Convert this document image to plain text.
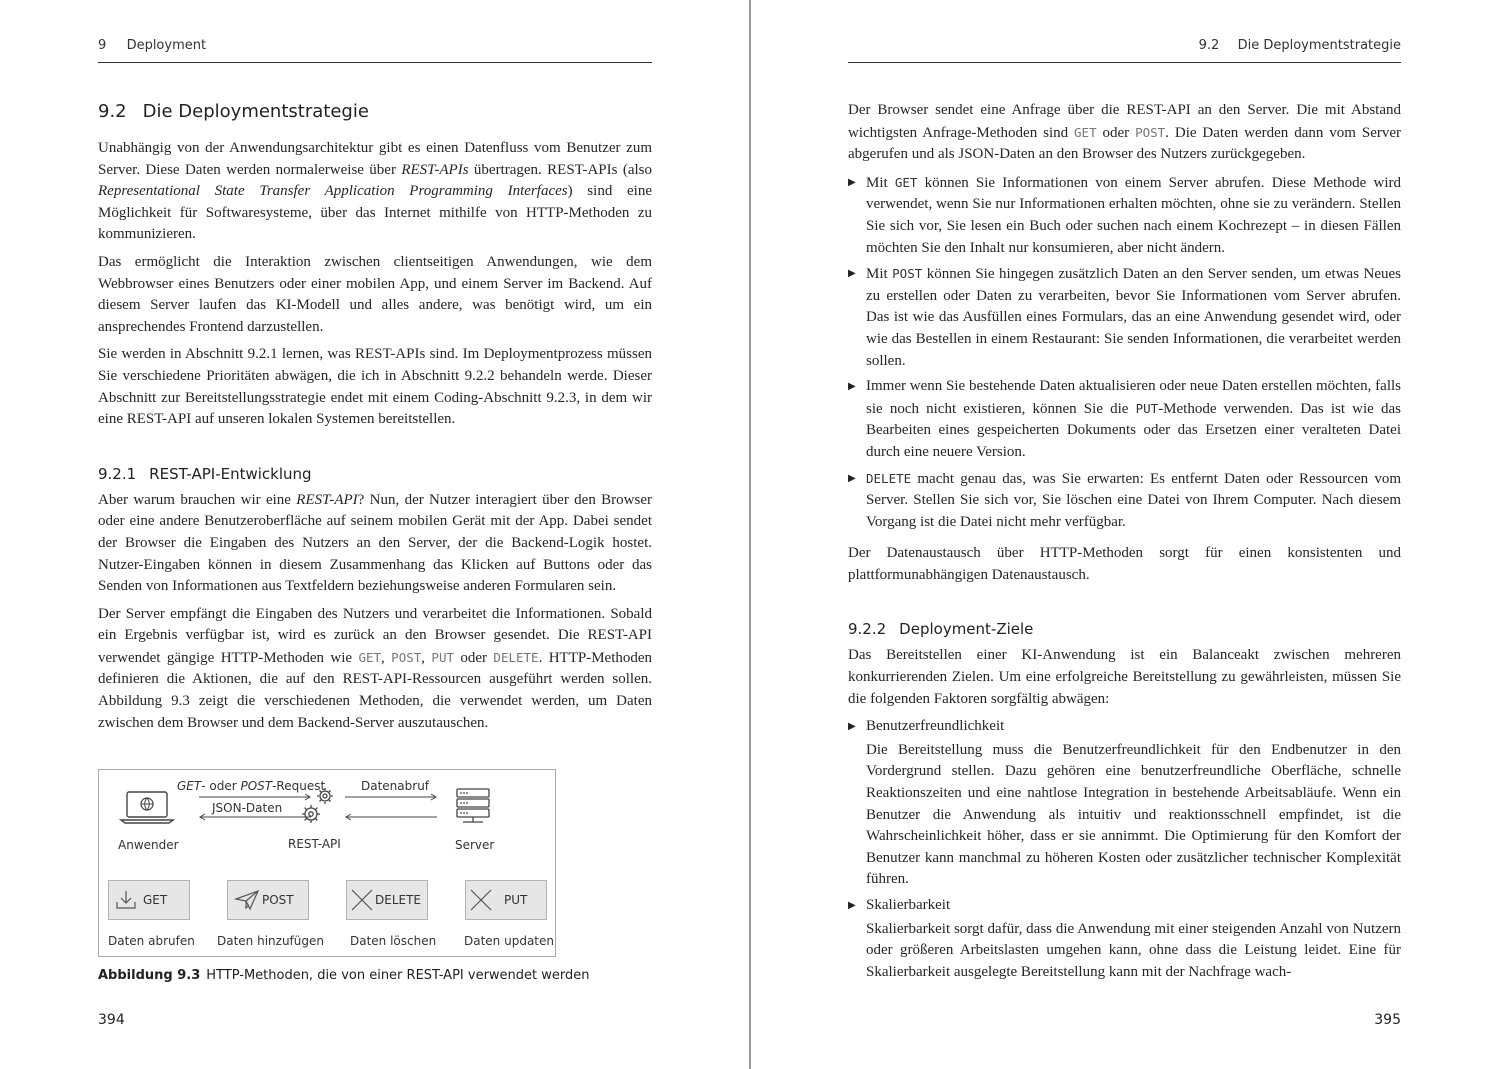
9 Deployment
9.2 Die Deploymentstrategie

Unabhängig von der Anwendungsarchitektur gibt es einen Datenfluss vom Benutzer zum Server. Diese Daten werden normalerweise über REST-APIs übertragen. REST-APIs (also Representational State Transfer Application Programming Interfaces) sind eine Möglichkeit für Softwaresysteme, über das Internet mithilfe von HTTP-Methoden zu kommunizieren.

Das ermöglicht die Interaktion zwischen clientseitigen Anwendungen, wie dem Webbrowser eines Benutzers oder einer mobilen App, und einem Server im Backend. Auf diesem Server laufen das KI-Modell und alles andere, was benötigt wird, um ein ansprechendes Frontend darzustellen.

Sie werden in Abschnitt 9.2.1 lernen, was REST-APIs sind. Im Deploymentprozess müssen Sie verschiedene Prioritäten abwägen, die ich in Abschnitt 9.2.2 behandeln werde. Dieser Abschnitt zur Bereitstellungsstrategie endet mit einem Coding-Abschnitt 9.2.3, in dem wir eine REST-API auf unseren lokalen Systemen bereitstellen.

9.2.1 REST-API-Entwicklung

Aber warum brauchen wir eine REST-API? Nun, der Nutzer interagiert über den Browser oder eine andere Benutzeroberfläche auf seinem mobilen Gerät mit der App. Dabei sendet der Browser die Eingaben des Nutzers an den Server, der die Backend-Logik hostet. Nutzer-Eingaben können in diesem Zusammenhang das Klicken auf Buttons oder das Senden von Informationen aus Textfeldern beziehungsweise anderen Formularen sein.

Der Server empfängt die Eingaben des Nutzers und verarbeitet die Informationen. Sobald ein Ergebnis verfügbar ist, wird es zurück an den Browser gesendet. Die REST-API verwendet gängige HTTP-Methoden wie GET, POST, PUT oder DELETE. HTTP-Methoden definieren die Aktionen, die auf den REST-API-Ressourcen ausgeführt werden sollen. Abbildung 9.3 zeigt die verschiedenen Methoden, die verwendet werden, um Daten zwischen dem Browser und dem Backend-Server auszutauschen.

Anwender
GET- oder POST-Request
JSON-Daten
REST-API
Datenabruf
Server
GET	POST	DELETE	PUT
Daten abrufen Daten hinzufügen Daten löschen Daten updaten
Abbildung 9.3 HTTP-Methoden, die von einer REST-API verwendet werden
394
9.2 Die Deploymentstrategie

Der Browser sendet eine Anfrage über die REST-API an den Server. Die mit Abstand wichtigsten Anfrage-Methoden sind GET oder POST. Die Daten werden dann vom Server abgerufen und als JSON-Daten an den Browser des Nutzers zurückgegeben.

▶ Mit GET können Sie Informationen von einem Server abrufen. Diese Methode wird verwendet, wenn Sie nur Informationen erhalten möchten, ohne sie zu verändern. Stellen Sie sich vor, Sie lesen ein Buch oder suchen nach einem Kochrezept – in diesen Fällen möchten Sie den Inhalt nur konsumieren, aber nicht ändern.
▶ Mit POST können Sie hingegen zusätzlich Daten an den Server senden, um etwas Neues zu erstellen oder Daten zu verarbeiten, bevor Sie Informationen vom Server abrufen. Das ist wie das Ausfüllen eines Formulars, das an eine Anwendung gesendet wird, oder wie das Bestellen in einem Restaurant: Sie senden Informationen, die verarbeitet werden sollen.
▶ Immer wenn Sie bestehende Daten aktualisieren oder neue Daten erstellen möchten, falls sie noch nicht existieren, können Sie die PUT-Methode verwenden. Das ist wie das Bearbeiten eines gespeicherten Dokuments oder das Ersetzen einer veralteten Datei durch eine neuere Version.
▶ DELETE macht genau das, was Sie erwarten: Es entfernt Daten oder Ressourcen vom Server. Stellen Sie sich vor, Sie löschen eine Datei von Ihrem Computer. Nach diesem Vorgang ist die Datei nicht mehr verfügbar.

Der Datenaustausch über HTTP-Methoden sorgt für einen konsistenten und plattformunabhängigen Datenaustausch.

9.2.2 Deployment-Ziele

Das Bereitstellen einer KI-Anwendung ist ein Balanceakt zwischen mehreren konkurrierenden Zielen. Um eine erfolgreiche Bereitstellung zu gewährleisten, müssen Sie die folgenden Faktoren sorgfältig abwägen:

▶ Benutzerfreundlichkeit

Die Bereitstellung muss die Benutzerfreundlichkeit für den Endbenutzer in den Vordergrund stellen. Dazu gehören eine benutzerfreundliche Oberfläche, schnelle Reaktionszeiten und eine nahtlose Integration in bestehende Arbeitsabläufe. Wenn ein Benutzer die Anwendung als intuitiv und reaktionsschnell empfindet, ist die Wahrscheinlichkeit höher, dass er sie annimmt. Die Optimierung für den Komfort der Benutzer kann manchmal zu höheren Kosten oder zusätzlicher technischer Komplexität führen.

▶ Skalierbarkeit

Skalierbarkeit sorgt dafür, dass die Anwendung mit einer steigenden Anzahl von Nutzern oder größeren Arbeitslasten umgehen kann, ohne dass die Leistung leidet. Eine für Skalierbarkeit ausgelegte Bereitstellung kann mit der Nachfrage wach-

395
